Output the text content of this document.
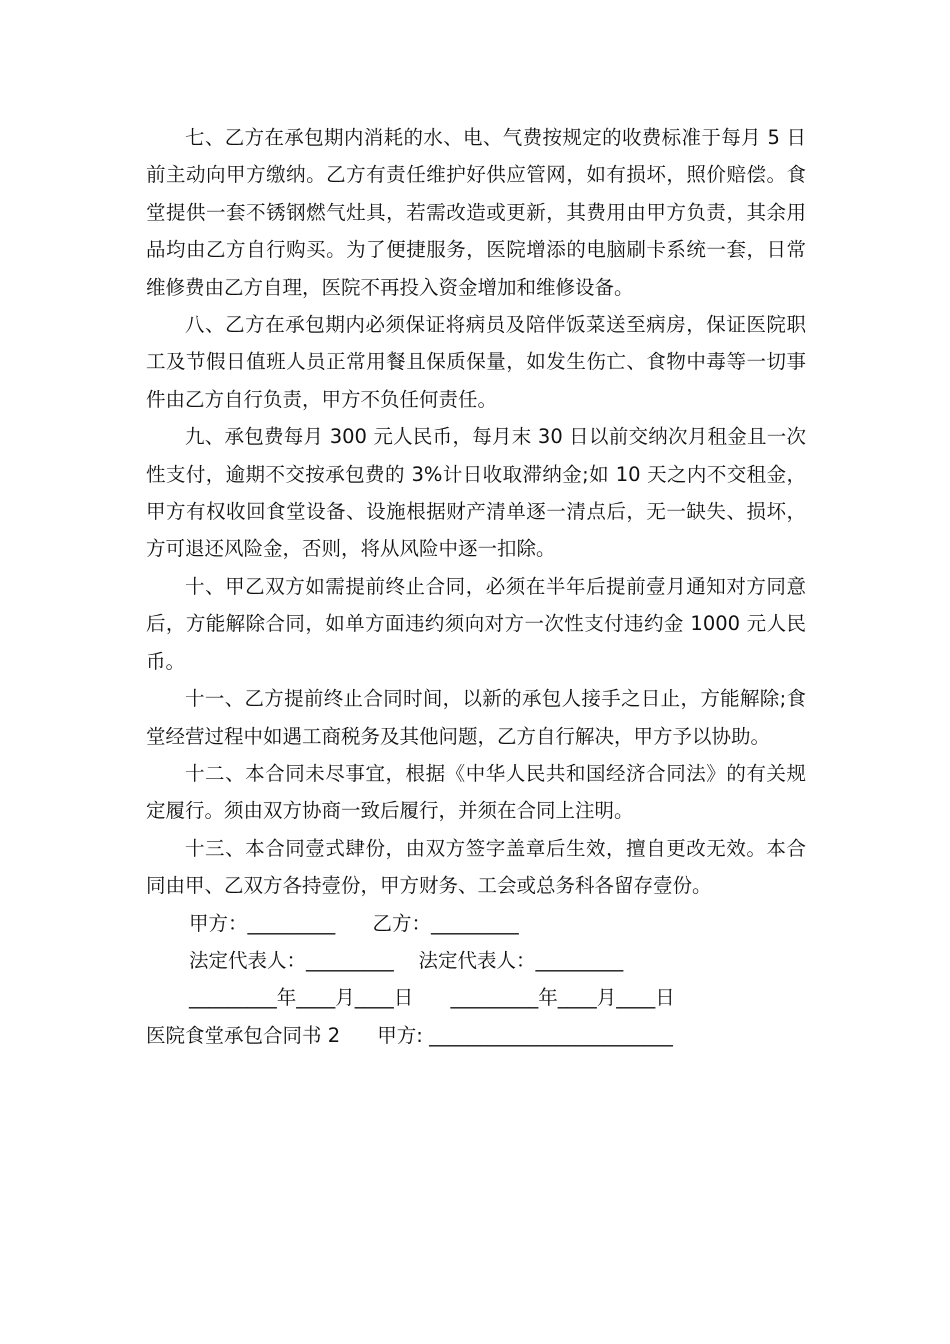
七、乙方在承包期内消耗的水、电、气费按规定的收费标准于每月 5 日前主动向甲方缴纳。乙方有责任维护好供应管网，如有损坏，照价赔偿。食堂提供一套不锈钢燃气灶具，若需改造或更新，其费用由甲方负责，其余用品均由乙方自行购买。为了便捷服务，医院增添的电脑刷卡系统一套，日常维修费由乙方自理，医院不再投入资金增加和维修设备。

八、乙方在承包期内必须保证将病员及陪伴饭菜送至病房，保证医院职工及节假日值班人员正常用餐且保质保量，如发生伤亡、食物中毒等一切事件由乙方自行负责，甲方不负任何责任。

九、承包费每月 300 元人民币，每月末 30 日以前交纳次月租金且一次性支付，逾期不交按承包费的 3%计日收取滞纳金;如 10 天之内不交租金，甲方有权收回食堂设备、设施根据财产清单逐一清点后，无一缺失、损坏，方可退还风险金，否则，将从风险中逐一扣除。

十、甲乙双方如需提前终止合同，必须在半年后提前壹月通知对方同意后，方能解除合同，如单方面违约须向对方一次性支付违约金 1000 元人民币。

十一、乙方提前终止合同时间，以新的承包人接手之日止，方能解除;食堂经营过程中如遇工商税务及其他问题，乙方自行解决，甲方予以协助。

十二、本合同未尽事宜，根据《中华人民共和国经济合同法》的有关规定履行。须由双方协商一致后履行，并须在合同上注明。

十三、本合同壹式肆份，由双方签字盖章后生效，擅自更改无效。本合同由甲、乙双方各持壹份，甲方财务、工会或总务科各留存壹份。

甲方：_________      乙方：_________
法定代表人：_________    法定代表人：_________
_________年____月____日      _________年____月____日
医院食堂承包合同书 2      甲方: _________________________
